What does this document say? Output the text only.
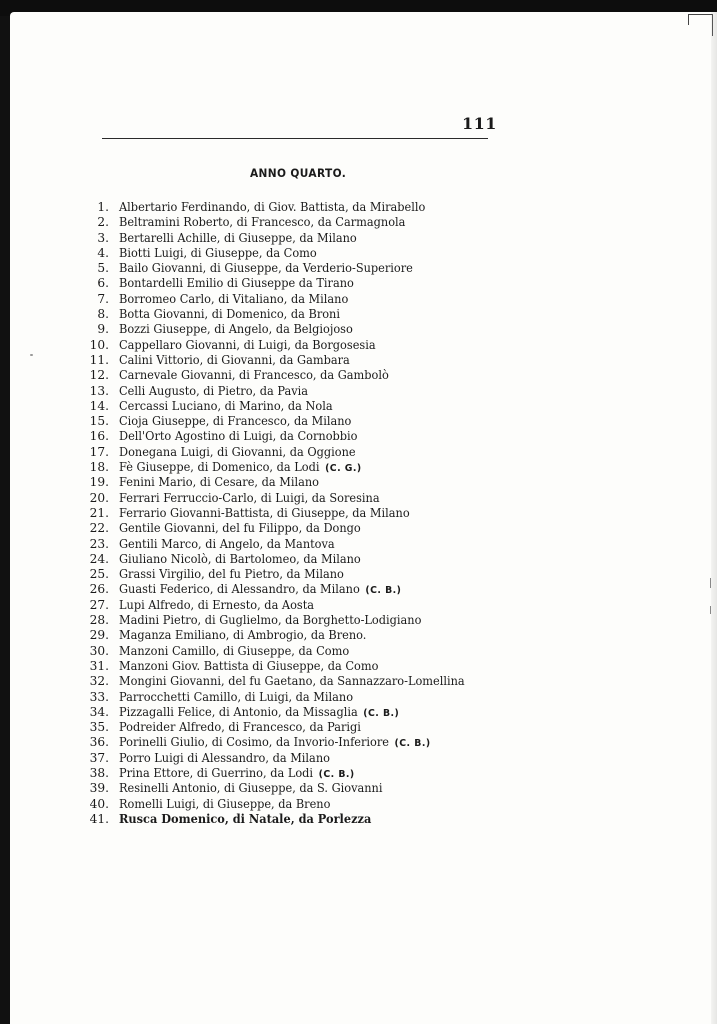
111
ANNO QUARTO.
1. Albertario Ferdinando, di Giov. Battista, da Mirabello
2. Beltramini Roberto, di Francesco, da Carmagnola
3. Bertarelli Achille, di Giuseppe, da Milano
4. Biotti Luigi, di Giuseppe, da Como
5. Bailo Giovanni, di Giuseppe, da Verderio-Superiore
6. Bontardelli Emilio di Giuseppe da Tirano
7. Borromeo Carlo, di Vitaliano, da Milano
8. Botta Giovanni, di Domenico, da Broni
9. Bozzi Giuseppe, di Angelo, da Belgiojoso
10. Cappellaro Giovanni, di Luigi, da Borgosesia
11. Calini Vittorio, di Giovanni, da Gambara
12. Carnevale Giovanni, di Francesco, da Gambolò
13. Celli Augusto, di Pietro, da Pavia
14. Cercassi Luciano, di Marino, da Nola
15. Cioja Giuseppe, di Francesco, da Milano
16. Dell'Orto Agostino di Luigi, da Cornobbio
17. Donegana Luigi, di Giovanni, da Oggione
18. Fè Giuseppe, di Domenico, da Lodi (C. G.)
19. Fenini Mario, di Cesare, da Milano
20. Ferrari Ferruccio-Carlo, di Luigi, da Soresina
21. Ferrario Giovanni-Battista, di Giuseppe, da Milano
22. Gentile Giovanni, del fu Filippo, da Dongo
23. Gentili Marco, di Angelo, da Mantova
24. Giuliano Nicolò, di Bartolomeo, da Milano
25. Grassi Virgilio, del fu Pietro, da Milano
26. Guasti Federico, di Alessandro, da Milano (C. B.)
27. Lupi Alfredo, di Ernesto, da Aosta
28. Madini Pietro, di Guglielmo, da Borghetto-Lodigiano
29. Maganza Emiliano, di Ambrogio, da Breno.
30. Manzoni Camillo, di Giuseppe, da Como
31. Manzoni Giov. Battista di Giuseppe, da Como
32. Mongini Giovanni, del fu Gaetano, da Sannazzaro-Lomellina
33. Parrocchetti Camillo, di Luigi, da Milano
34. Pizzagalli Felice, di Antonio, da Missaglia (C. B.)
35. Podreider Alfredo, di Francesco, da Parigi
36. Porinelli Giulio, di Cosimo, da Invorio-Inferiore (C. B.)
37. Porro Luigi di Alessandro, da Milano
38. Prina Ettore, di Guerrino, da Lodi (C. B.)
39. Resinelli Antonio, di Giuseppe, da S. Giovanni
40. Romelli Luigi, di Giuseppe, da Breno
41. Rusca Domenico, di Natale, da Porlezza
